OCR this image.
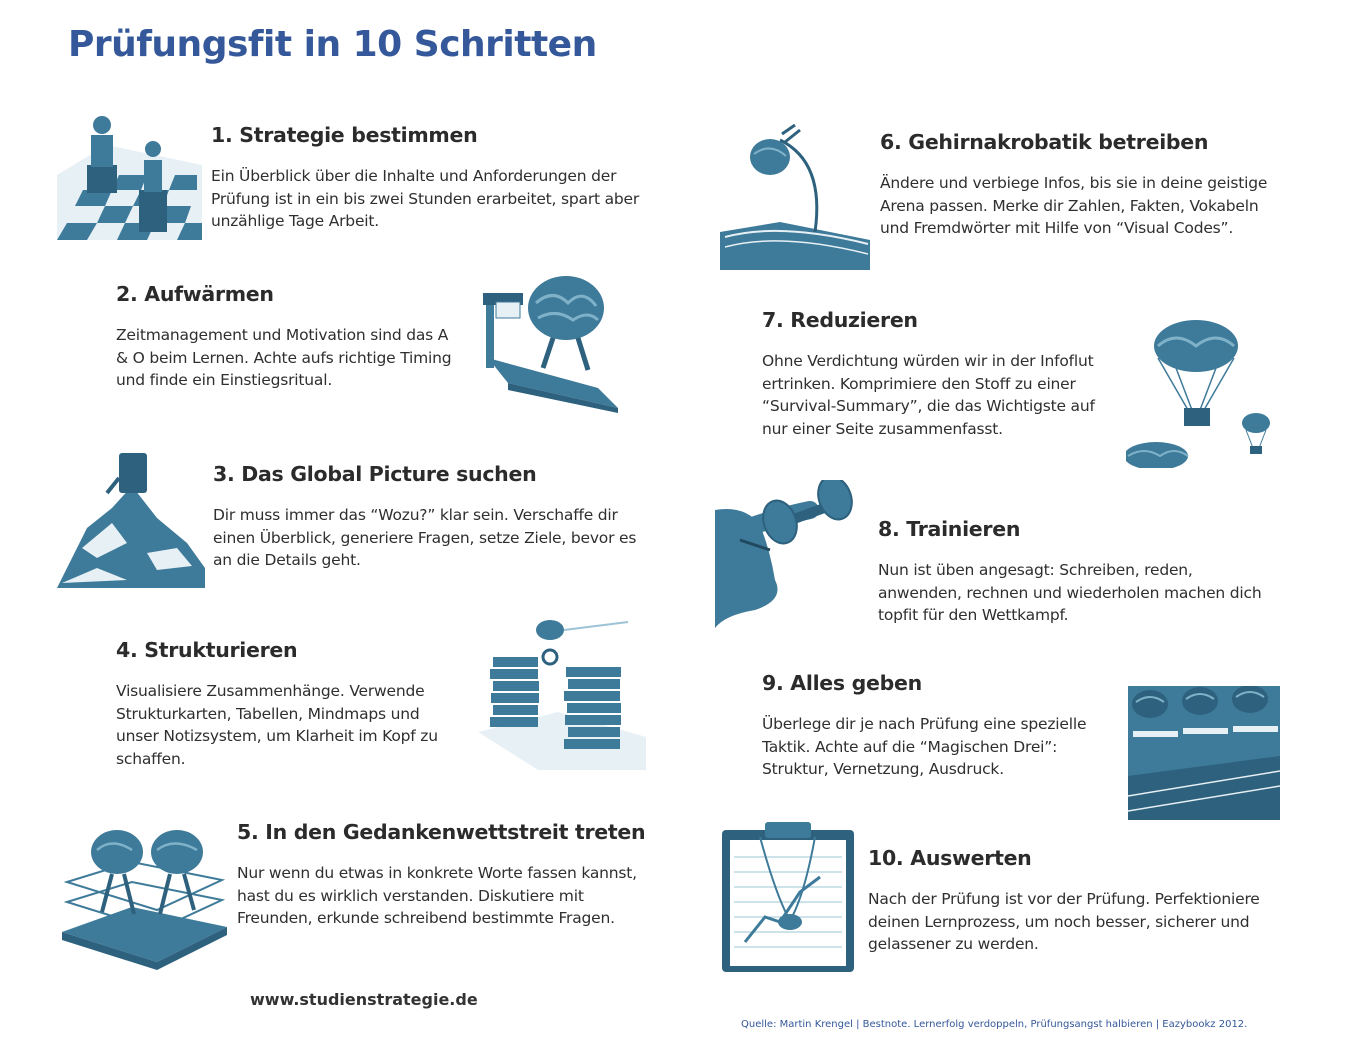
Prüfungsfit in 10 Schritten
1. Strategie bestimmen

Ein Überblick über die Inhalte und Anforderungen der Prüfung ist in ein bis zwei Stunden erarbeitet, spart aber unzählige Tage Arbeit.

2. Aufwärmen

Zeitmanagement und Motivation sind das A & O beim Lernen. Achte aufs richtige Timing und finde ein Einstiegsritual.

3. Das Global Picture suchen

Dir muss immer das “Wozu?” klar sein. Verschaffe dir einen Überblick, generiere Fragen, setze Ziele, bevor es an die Details geht.

4. Strukturieren

Visualisiere Zusammenhänge. Verwende Strukturkarten, Tabellen, Mindmaps und unser Notizsystem, um Klarheit im Kopf zu schaffen.

5. In den Gedankenwettstreit treten

Nur wenn du etwas in konkrete Worte fassen kannst, hast du es wirklich verstanden. Diskutiere mit Freunden, erkunde schreibend bestimmte Fragen.

6. Gehirnakrobatik betreiben

Ändere und verbiege Infos, bis sie in deine geistige Arena passen. Merke dir Zahlen, Fakten, Vokabeln und Fremdwörter mit Hilfe von “Visual Codes”.

7. Reduzieren

Ohne Verdichtung würden wir in der Infoflut ertrinken. Komprimiere den Stoff zu einer “Survival-Summary”, die das Wichtigste auf nur einer Seite zusammenfasst.

8. Trainieren

Nun ist üben angesagt: Schreiben, reden, anwenden, rechnen und wiederholen machen dich topfit für den Wettkampf.

9. Alles geben

Überlege dir je nach Prüfung eine spezielle Taktik. Achte auf die “Magischen Drei”: Struktur, Vernetzung, Ausdruck.

10. Auswerten

Nach der Prüfung ist vor der Prüfung. Perfektioniere deinen Lernprozess, um noch besser, sicherer und gelassener zu werden.

www.studienstrategie.de
Quelle: Martin Krengel | Bestnote. Lernerfolg verdoppeln, Prüfungsangst halbieren | Eazybookz 2012.
